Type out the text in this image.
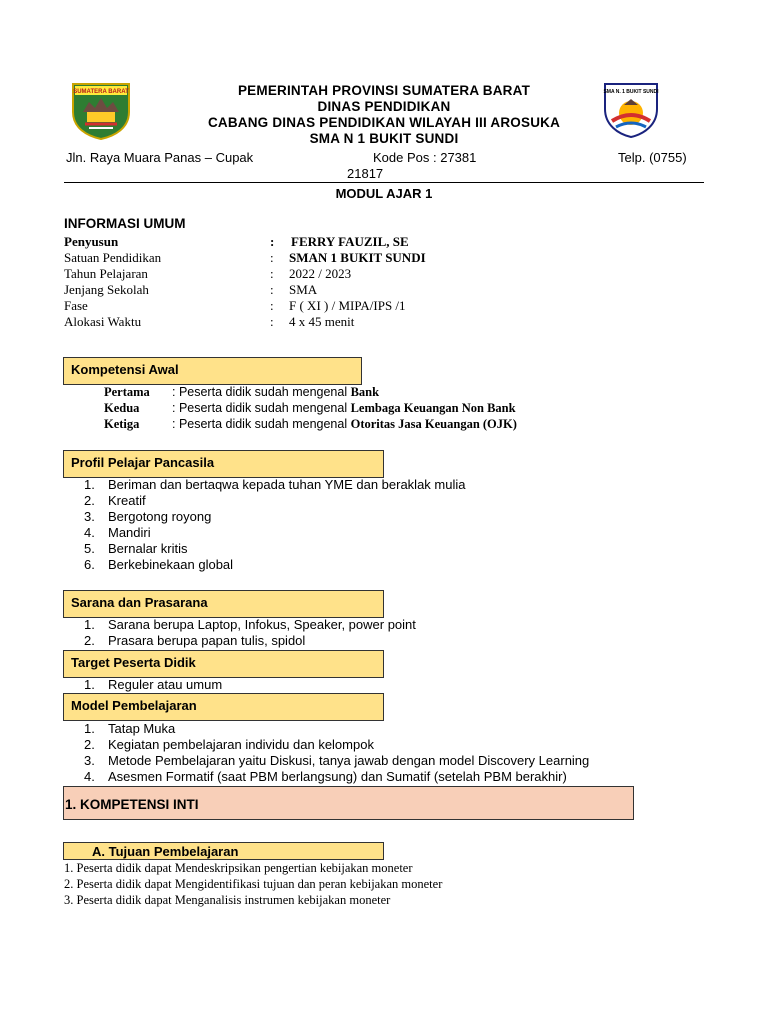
SUMATERA BARAT	SMA N. 1 BUKIT SUNDI
PEMERINTAH PROVINSI SUMATERA BARAT
DINAS PENDIDIKAN
CABANG DINAS PENDIDIKAN WILAYAH III AROSUKA
SMA N 1 BUKIT SUNDI
Jln. Raya Muara Panas – Cupak	Kode Pos : 27381	Telp. (0755)
21817
MODUL AJAR 1
INFORMASI UMUM
Penyusun	: FERRY FAUZIL, SE
Satuan Pendidikan	: SMAN 1 BUKIT SUNDI
Tahun Pelajaran	: 2022 / 2023
Jenjang Sekolah	: SMA
Fase	: F ( XI ) / MIPA/IPS /1
Alokasi Waktu	: 4 x 45 menit
Kompetensi Awal
Pertama : Peserta didik sudah mengenal Bank
Kedua	: Peserta didik sudah mengenal Lembaga Keuangan Non Bank
Ketiga	: Peserta didik sudah mengenal Otoritas Jasa Keuangan (OJK)
Profil Pelajar Pancasila
1. Beriman dan bertaqwa kepada tuhan YME dan beraklak mulia
2. Kreatif
3. Bergotong royong
4. Mandiri
5. Bernalar kritis
6. Berkebinekaan global
Sarana dan Prasarana
1. Sarana berupa Laptop, Infokus, Speaker, power point
2. Prasara berupa papan tulis, spidol
Target Peserta Didik
1. Reguler atau umum
Model Pembelajaran
1. Tatap Muka
2. Kegiatan pembelajaran individu dan kelompok
3. Metode Pembelajaran yaitu Diskusi, tanya jawab dengan model Discovery Learning
4. Asesmen Formatif (saat PBM berlangsung) dan Sumatif (setelah PBM berakhir)
1. KOMPETENSI INTI
A. Tujuan Pembelajaran
1. Peserta didik dapat Mendeskripsikan pengertian kebijakan moneter
2. Peserta didik dapat Mengidentifikasi tujuan dan peran kebijakan moneter
3. Peserta didik dapat Menganalisis instrumen kebijakan moneter
